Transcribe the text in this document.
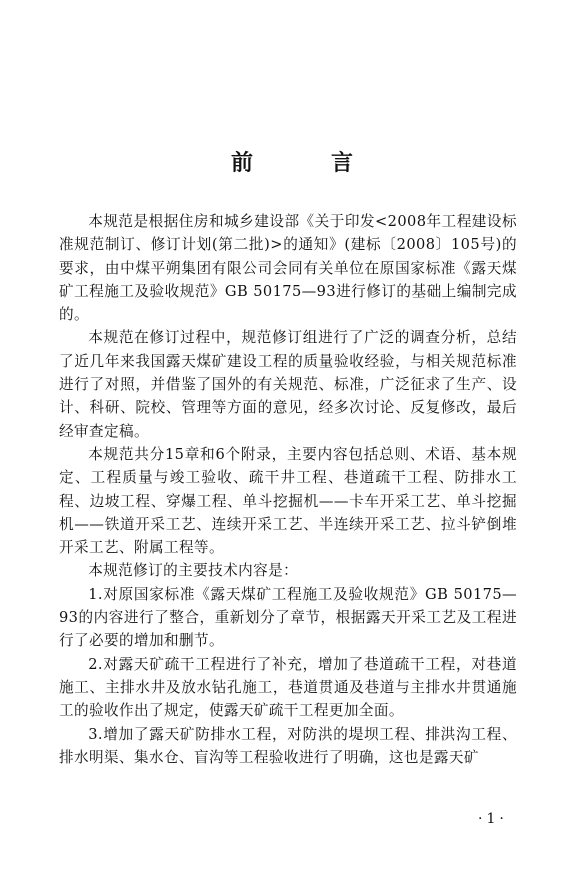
前　言

本规范是根据住房和城乡建设部《关于印发<2008年工程建设标准规范制订、修订计划(第二批)>的通知》(建标〔2008〕105号)的要求，由中煤平朔集团有限公司会同有关单位在原国家标准《露天煤矿工程施工及验收规范》GB 50175—93进行修订的基础上编制完成的。

本规范在修订过程中，规范修订组进行了广泛的调查分析，总结了近几年来我国露天煤矿建设工程的质量验收经验，与相关规范标准进行了对照，并借鉴了国外的有关规范、标准，广泛征求了生产、设计、科研、院校、管理等方面的意见，经多次讨论、反复修改，最后经审查定稿。

本规范共分15章和6个附录，主要内容包括总则、术语、基本规定、工程质量与竣工验收、疏干井工程、巷道疏干工程、防排水工程、边坡工程、穿爆工程、单斗挖掘机——卡车开采工艺、单斗挖掘机——铁道开采工艺、连续开采工艺、半连续开采工艺、拉斗铲倒堆开采工艺、附属工程等。

本规范修订的主要技术内容是：

1.对原国家标准《露天煤矿工程施工及验收规范》GB 50175—93的内容进行了整合，重新划分了章节，根据露天开采工艺及工程进行了必要的增加和删节。

2.对露天矿疏干工程进行了补充，增加了巷道疏干工程，对巷道施工、主排水井及放水钻孔施工，巷道贯通及巷道与主排水井贯通施工的验收作出了规定，使露天矿疏干工程更加全面。

3.增加了露天矿防排水工程，对防洪的堤坝工程、排洪沟工程、排水明渠、集水仓、盲沟等工程验收进行了明确，这也是露天矿

·1·
